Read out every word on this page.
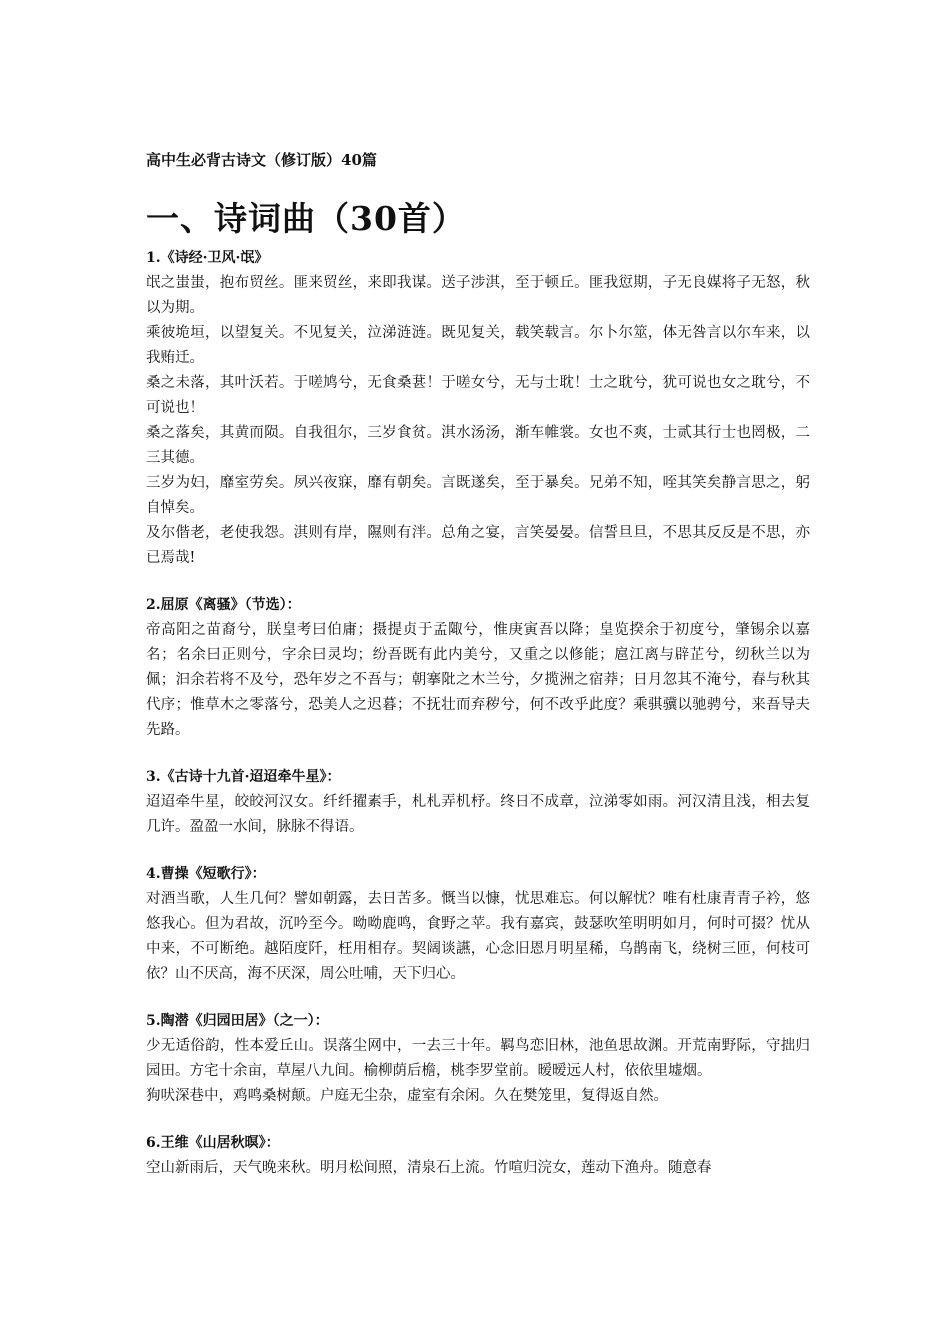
高中生必背古诗文（修订版）40篇
一、诗词曲（30首）
1.《诗经·卫风·氓》

氓之蚩蚩，抱布贸丝。匪来贸丝，来即我谋。送子涉淇，至于顿丘。匪我愆期，子无良媒将子无怒，秋以为期。

乘彼垝垣，以望复关。不见复关，泣涕涟涟。既见复关，载笑载言。尔卜尔筮，体无咎言以尔车来，以我贿迁。

桑之未落，其叶沃若。于嗟鸠兮，无食桑葚！于嗟女兮，无与士耽！士之耽兮，犹可说也女之耽兮，不可说也！

桑之落矣，其黄而陨。自我徂尔，三岁食贫。淇水汤汤，渐车帷裳。女也不爽，士贰其行士也罔极，二三其德。

三岁为妇，靡室劳矣。夙兴夜寐，靡有朝矣。言既遂矣，至于暴矣。兄弟不知，咥其笑矣静言思之，躬自悼矣。

及尔偕老，老使我怨。淇则有岸，隰则有泮。总角之宴，言笑晏晏。信誓旦旦，不思其反反是不思，亦已焉哉!

2.屈原《离骚》（节选）：

帝高阳之苗裔兮，朕皇考曰伯庸；摄提贞于孟陬兮，惟庚寅吾以降；皇览揆余于初度兮，肇锡余以嘉名；名余曰正则兮，字余曰灵均；纷吾既有此内美兮，又重之以修能；扈江离与辟芷兮，纫秋兰以为佩；汩余若将不及兮，恐年岁之不吾与；朝搴阰之木兰兮，夕揽洲之宿莽；日月忽其不淹兮，春与秋其代序；惟草木之零落兮，恐美人之迟暮；不抚壮而弃秽兮，何不改乎此度？乘骐骥以驰骋兮，来吾导夫先路。

3.《古诗十九首·迢迢牵牛星》：

迢迢牵牛星，皎皎河汉女。纤纤擢素手，札札弄机杼。终日不成章，泣涕零如雨。河汉清且浅，相去复几许。盈盈一水间，脉脉不得语。

4.曹操《短歌行》：

对酒当歌，人生几何？譬如朝露，去日苦多。慨当以慷，忧思难忘。何以解忧？唯有杜康青青子衿，悠悠我心。但为君故，沉吟至今。呦呦鹿鸣，食野之苹。我有嘉宾，鼓瑟吹笙明明如月，何时可掇？忧从中来，不可断绝。越陌度阡，枉用相存。契阔谈讌，心念旧恩月明星稀，乌鹊南飞，绕树三匝，何枝可依？山不厌高，海不厌深，周公吐哺，天下归心。

5.陶潜《归园田居》（之一）：

少无适俗韵，性本爱丘山。误落尘网中，一去三十年。羁鸟恋旧林，池鱼思故渊。开荒南野际，守拙归园田。方宅十余亩，草屋八九间。榆柳荫后檐，桃李罗堂前。暧暧远人村，依依里墟烟。

狗吠深巷中，鸡鸣桑树颠。户庭无尘杂，虚室有余闲。久在樊笼里，复得返自然。

6.王维《山居秋暝》：

空山新雨后，天气晚来秋。明月松间照，清泉石上流。竹喧归浣女，莲动下渔舟。随意春
